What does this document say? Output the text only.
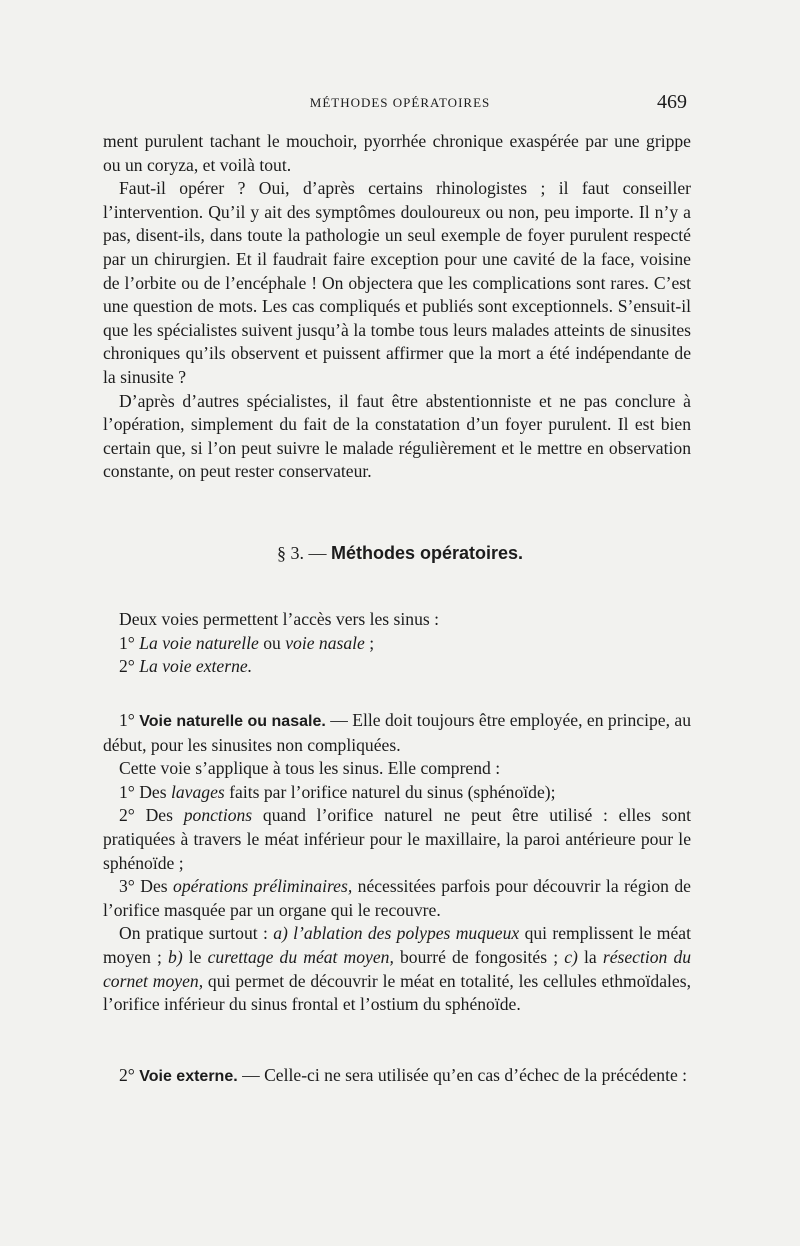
MÉTHODES OPÉRATOIRES	469

ment purulent tachant le mouchoir, pyorrhée chronique exaspérée par une grippe ou un coryza, et voilà tout.

Faut-il opérer ? Oui, d’après certains rhinologistes ; il faut conseiller l’intervention. Qu’il y ait des symptômes douloureux ou non, peu importe. Il n’y a pas, disent-ils, dans toute la pathologie un seul exemple de foyer purulent respecté par un chirurgien. Et il faudrait faire exception pour une cavité de la face, voisine de l’orbite ou de l’encéphale ! On objectera que les complications sont rares. C’est une question de mots. Les cas compliqués et publiés sont exceptionnels. S’ensuit-il que les spécialistes suivent jusqu’à la tombe tous leurs malades atteints de sinusites chroniques qu’ils observent et puissent affirmer que la mort a été indépendante de la sinusite ?

D’après d’autres spécialistes, il faut être abstentionniste et ne pas conclure à l’opération, simplement du fait de la constatation d’un foyer purulent. Il est bien certain que, si l’on peut suivre le malade régulièrement et le mettre en observation constante, on peut rester conservateur.

§ 3. — Méthodes opératoires.

Deux voies permettent l’accès vers les sinus :

1° La voie naturelle ou voie nasale ;

2° La voie externe.

1° Voie naturelle ou nasale. — Elle doit toujours être employée, en principe, au début, pour les sinusites non compliquées.

Cette voie s’applique à tous les sinus. Elle comprend :

1° Des lavages faits par l’orifice naturel du sinus (sphénoïde);

2° Des ponctions quand l’orifice naturel ne peut être utilisé : elles sont pratiquées à travers le méat inférieur pour le maxillaire, la paroi antérieure pour le sphénoïde ;

3° Des opérations préliminaires, nécessitées parfois pour découvrir la région de l’orifice masquée par un organe qui le recouvre.

On pratique surtout : a) l’ablation des polypes muqueux qui remplissent le méat moyen ; b) le curettage du méat moyen, bourré de fongosités ; c) la résection du cornet moyen, qui permet de découvrir le méat en totalité, les cellules ethmoïdales, l’orifice inférieur du sinus frontal et l’ostium du sphénoïde.

2° Voie externe. — Celle-ci ne sera utilisée qu’en cas d’échec de la précédente :
